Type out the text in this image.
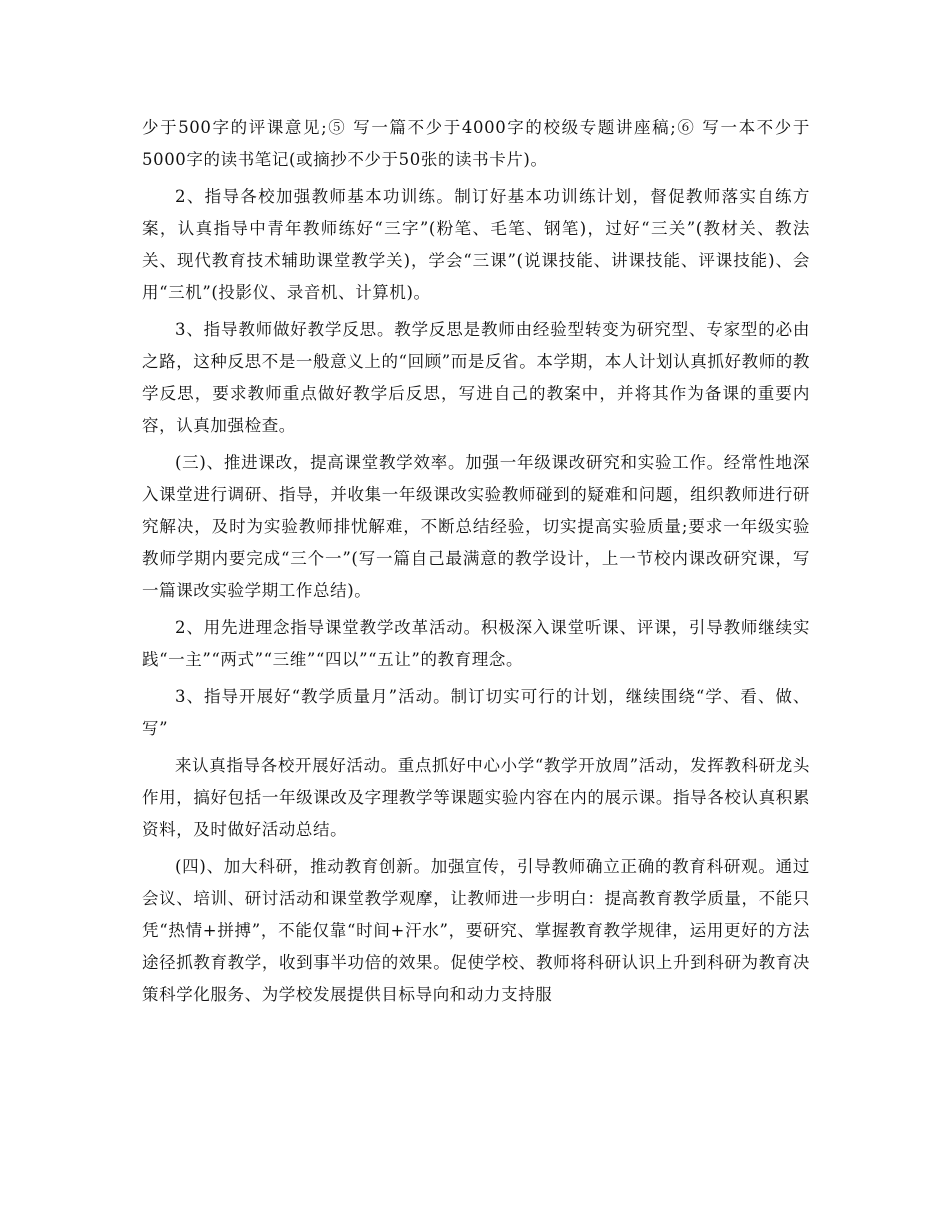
少于500字的评课意见;⑤ 写一篇不少于4000字的校级专题讲座稿;⑥ 写一本不少于5000字的读书笔记(或摘抄不少于50张的读书卡片)。

2、指导各校加强教师基本功训练。制订好基本功训练计划，督促教师落实自练方案，认真指导中青年教师练好“三字”(粉笔、毛笔、钢笔)，过好“三关”(教材关、教法关、现代教育技术辅助课堂教学关)，学会“三课”(说课技能、讲课技能、评课技能)、会用“三机”(投影仪、录音机、计算机)。

3、指导教师做好教学反思。教学反思是教师由经验型转变为研究型、专家型的必由之路，这种反思不是一般意义上的“回顾”而是反省。本学期，本人计划认真抓好教师的教学反思，要求教师重点做好教学后反思，写进自己的教案中，并将其作为备课的重要内容，认真加强检查。

(三)、推进课改，提高课堂教学效率。加强一年级课改研究和实验工作。经常性地深入课堂进行调研、指导，并收集一年级课改实验教师碰到的疑难和问题，组织教师进行研究解决，及时为实验教师排忧解难，不断总结经验，切实提高实验质量;要求一年级实验教师学期内要完成“三个一”(写一篇自己最满意的教学设计，上一节校内课改研究课，写一篇课改实验学期工作总结)。

2、用先进理念指导课堂教学改革活动。积极深入课堂听课、评课，引导教师继续实践“一主”“两式”“三维”“四以”“五让”的教育理念。

3、指导开展好“教学质量月”活动。制订切实可行的计划，继续围绕“学、看、做、写”

来认真指导各校开展好活动。重点抓好中心小学“教学开放周”活动，发挥教科研龙头作用，搞好包括一年级课改及字理教学等课题实验内容在内的展示课。指导各校认真积累资料，及时做好活动总结。

(四)、加大科研，推动教育创新。加强宣传，引导教师确立正确的教育科研观。通过会议、培训、研讨活动和课堂教学观摩，让教师进一步明白：提高教育教学质量，不能只凭“热情+拼搏”，不能仅靠“时间+汗水”，要研究、掌握教育教学规律，运用更好的方法途径抓教育教学，收到事半功倍的效果。促使学校、教师将科研认识上升到科研为教育决策科学化服务、为学校发展提供目标导向和动力支持服
